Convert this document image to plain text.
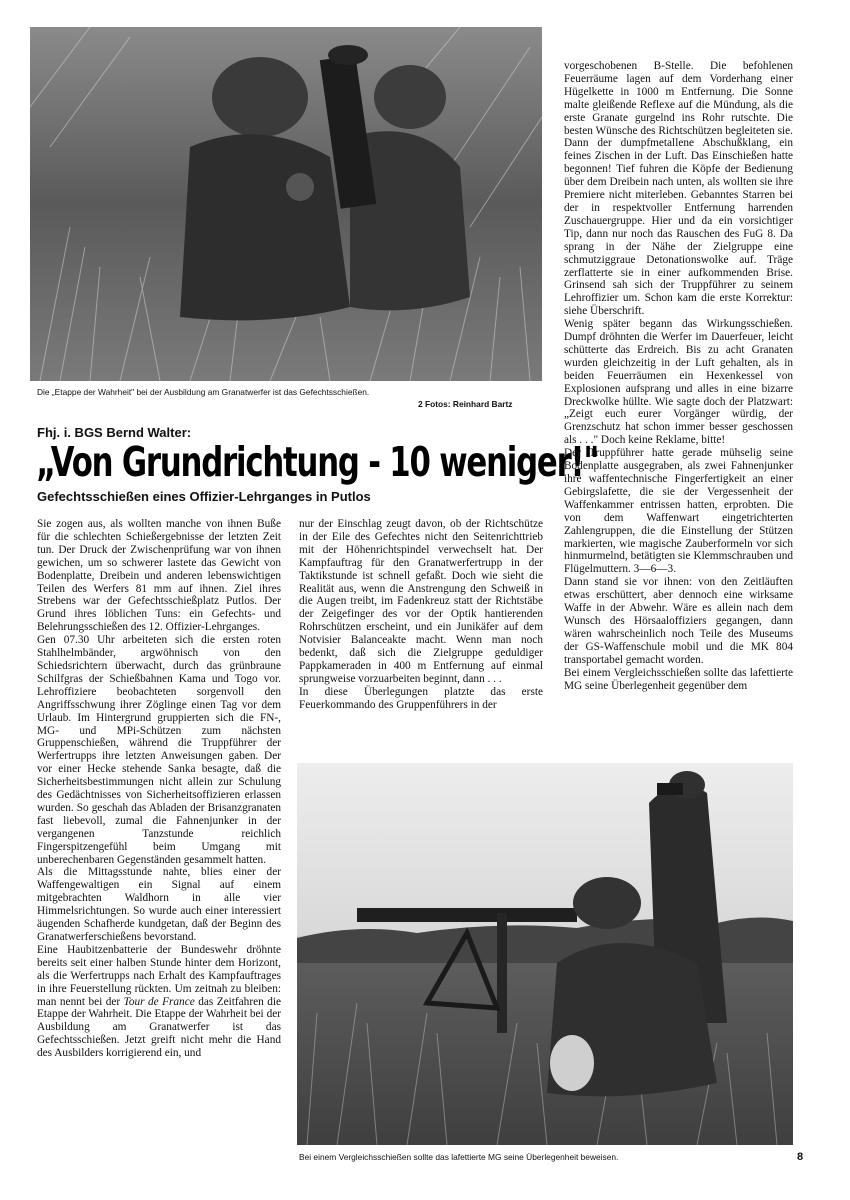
Die „Etappe der Wahrheit" bei der Ausbildung am Granatwerfer ist das Gefechtsschießen.
2 Fotos: Reinhard Bartz
Fhj. i. BGS Bernd Walter:
„Von Grundrichtung - 10 weniger!"
Gefechtsschießen eines Offizier-Lehrganges in Putlos

Sie zogen aus, als wollten manche von ihnen Buße für die schlechten Schießergebnisse der letzten Zeit tun. Der Druck der Zwischenprüfung war von ihnen gewichen, um so schwerer lastete das Gewicht von Bodenplatte, Dreibein und anderen lebenswichtigen Teilen des Werfers 81 mm auf ihnen. Ziel ihres Strebens war der Gefechtsschießplatz Putlos. Der Grund ihres löblichen Tuns: ein Gefechts- und Belehrungsschießen des 12. Offizier-Lehrganges.

Gen 07.30 Uhr arbeiteten sich die ersten roten Stahlhelmbänder, argwöhnisch von den Schiedsrichtern überwacht, durch das grünbraune Schilfgras der Schießbahnen Kama und Togo vor. Lehroffiziere beobachteten sorgenvoll den Angriffsschwung ihrer Zöglinge einen Tag vor dem Urlaub. Im Hintergrund gruppierten sich die FN-, MG- und MPi-Schützen zum nächsten Gruppenschießen, während die Truppführer der Werfertrupps ihre letzten Anweisungen gaben. Der vor einer Hecke stehende Sanka besagte, daß die Sicherheitsbestimmungen nicht allein zur Schulung des Gedächtnisses von Sicherheitsoffizieren erlassen wurden. So geschah das Abladen der Brisanzgranaten fast liebevoll, zumal die Fahnenjunker in der vergangenen Tanzstunde reichlich Fingerspitzengefühl beim Umgang mit unberechenbaren Gegenständen gesammelt hatten.

Als die Mittagsstunde nahte, blies einer der Waffengewaltigen ein Signal auf einem mitgebrachten Waldhorn in alle vier Himmelsrichtungen. So wurde auch einer interessiert äugenden Schafherde kundgetan, daß der Beginn des Granatwerferschießens bevorstand.

Eine Haubitzenbatterie der Bundeswehr dröhnte bereits seit einer halben Stunde hinter dem Horizont, als die Werfertrupps nach Erhalt des Kampfauftrages in ihre Feuerstellung rückten. Um zeitnah zu bleiben: man nennt bei der Tour de France das Zeitfahren die Etappe der Wahrheit. Die Etappe der Wahrheit bei der Ausbildung am Granatwerfer ist das Gefechtsschießen. Jetzt greift nicht mehr die Hand des Ausbilders korrigierend ein, und

nur der Einschlag zeugt davon, ob der Richtschütze in der Eile des Gefechtes nicht den Seitenrichttrieb mit der Höhenrichtspindel verwechselt hat. Der Kampfauftrag für den Granatwerfertrupp in der Taktikstunde ist schnell gefaßt. Doch wie sieht die Realität aus, wenn die Anstrengung den Schweiß in die Augen treibt, im Fadenkreuz statt der Richtstäbe der Zeigefinger des vor der Optik hantierenden Rohrschützen erscheint, und ein Junikäfer auf dem Notvisier Balanceakte macht. Wenn man noch bedenkt, daß sich die Zielgruppe geduldiger Pappkameraden in 400 m Entfernung auf einmal sprungweise vorzuarbeiten beginnt, dann . . .

In diese Überlegungen platzte das erste Feuerkommando des Gruppenführers in der

vorgeschobenen B-Stelle. Die befohlenen Feuerräume lagen auf dem Vorderhang einer Hügelkette in 1000 m Entfernung. Die Sonne malte gleißende Reflexe auf die Mündung, als die erste Granate gurgelnd ins Rohr rutschte. Die besten Wünsche des Richtschützen begleiteten sie. Dann der dumpfmetallene Abschußklang, ein feines Zischen in der Luft. Das Einschießen hatte begonnen! Tief fuhren die Köpfe der Bedienung über dem Dreibein nach unten, als wollten sie ihre Premiere nicht miterleben. Gebanntes Starren bei der in respektvoller Entfernung harrenden Zuschauergruppe. Hier und da ein vorsichtiger Tip, dann nur noch das Rauschen des FuG 8. Da sprang in der Nähe der Zielgruppe eine schmutziggraue Detonationswolke auf. Träge zerflatterte sie in einer aufkommenden Brise. Grinsend sah sich der Truppführer zu seinem Lehroffizier um. Schon kam die erste Korrektur: siehe Überschrift.

Wenig später begann das Wirkungsschießen. Dumpf dröhnten die Werfer im Dauerfeuer, leicht schütterte das Erdreich. Bis zu acht Granaten wurden gleichzeitig in der Luft gehalten, als in beiden Feuerräumen ein Hexenkessel von Explosionen aufsprang und alles in eine bizarre Dreckwolke hüllte. Wie sagte doch der Platzwart: „Zeigt euch eurer Vorgänger würdig, der Grenzschutz hat schon immer besser geschossen als . . ." Doch keine Reklame, bitte!

Der Truppführer hatte gerade mühselig seine Bodenplatte ausgegraben, als zwei Fahnenjunker ihre waffentechnische Fingerfertigkeit an einer Gebirgslafette, die sie der Vergessenheit der Waffenkammer entrissen hatten, erprobten. Die von dem Waffenwart eingetrichterten Zahlengruppen, die die Einstellung der Stützen markierten, wie magische Zauberformeln vor sich hinmurmelnd, betätigten sie Klemmschrauben und Flügelmuttern. 3—6—3.

Dann stand sie vor ihnen: von den Zeitläuften etwas erschüttert, aber dennoch eine wirksame Waffe in der Abwehr. Wäre es allein nach dem Wunsch des Hörsaaloffiziers gegangen, dann wären wahrscheinlich noch Teile des Museums der GS-Waffenschule mobil und die MK 804 transportabel gemacht worden.

Bei einem Vergleichsschießen sollte das lafettierte MG seine Überlegenheit gegenüber dem

Bei einem Vergleichsschießen sollte das lafettierte MG seine Überlegenheit beweisen.	8
